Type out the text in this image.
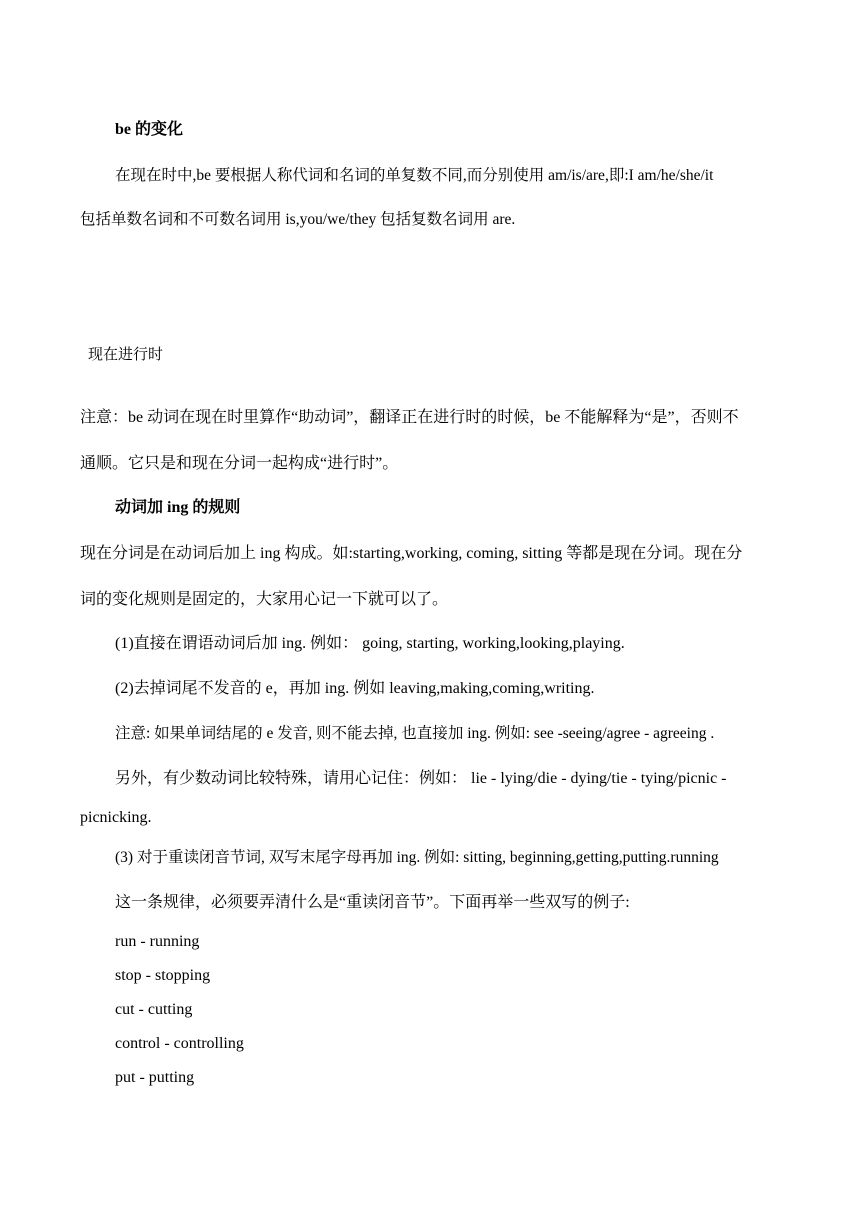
be 的变化
在现在时中,be 要根据人称代词和名词的单复数不同,而分别使用 am/is/are,即:I am/he/she/it
包括单数名词和不可数名词用 is,you/we/they 包括复数名词用 are.
现在进行时
注意：be 动词在现在时里算作“助动词”，翻译正在进行时的时候，be 不能解释为“是”，否则不
通顺。它只是和现在分词一起构成“进行时”。
动词加 ing 的规则
现在分词是在动词后加上 ing 构成。如:starting,working, coming, sitting 等都是现在分词。现在分
词的变化规则是固定的，大家用心记一下就可以了。
(1)直接在谓语动词后加 ing. 例如： going, starting, working,looking,playing.
(2)去掉词尾不发音的 e，再加 ing. 例如 leaving,making,coming,writing.
注意: 如果单词结尾的 e 发音, 则不能去掉, 也直接加 ing. 例如: see -seeing/agree - agreeing .
另外，有少数动词比较特殊，请用心记住：例如： lie - lying/die - dying/tie - tying/picnic -
picnicking.
(3) 对于重读闭音节词, 双写末尾字母再加 ing. 例如: sitting, beginning,getting,putting.running
这一条规律，必须要弄清什么是“重读闭音节”。下面再举一些双写的例子:
run - running
stop - stopping
cut - cutting
control - controlling
put - putting
